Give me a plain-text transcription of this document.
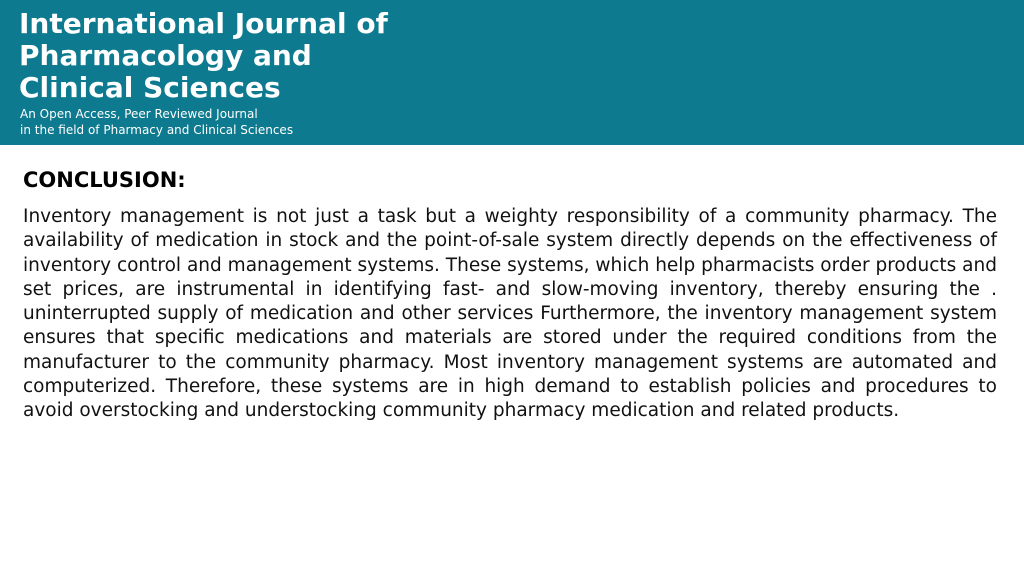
International Journal of
Pharmacology and
Clinical Sciences

An Open Access, Peer Reviewed Journal
in the field of Pharmacy and Clinical Sciences

CONCLUSION:

Inventory management is not just a task but a weighty responsibility of a community pharmacy. The availability of medication in stock and the point-of-sale system directly depends on the effectiveness of inventory control and management systems. These systems, which help pharmacists order products and set prices, are instrumental in identifying fast- and slow-moving inventory, thereby ensuring the . uninterrupted supply of medication and other services Furthermore, the inventory management system ensures that specific medications and materials are stored under the required conditions from the manufacturer to the community pharmacy. Most inventory management systems are automated and computerized. Therefore, these systems are in high demand to establish policies and procedures to avoid overstocking and understocking community pharmacy medication and related products.
